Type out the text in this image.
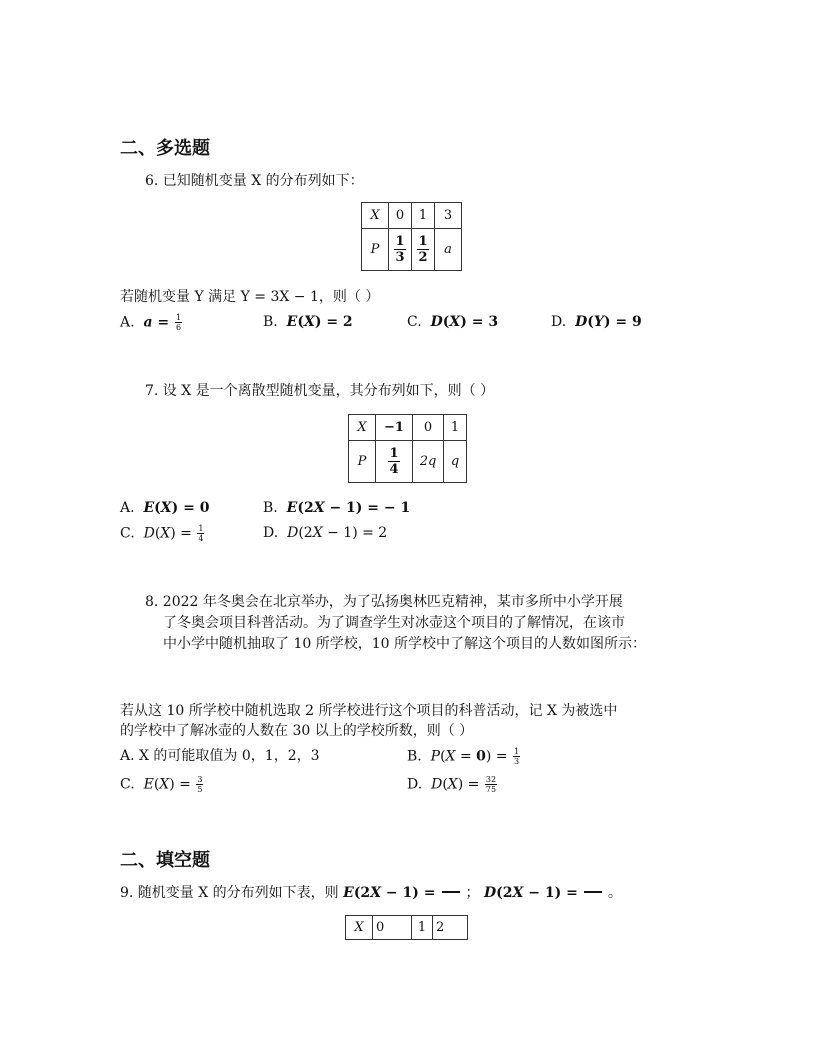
二、多选题
6. 已知随机变量 X 的分布列如下：
X	0	1	3
P	$\frac{1}{3}$	$\frac{1}{2}$	a
若随机变量 Y 满足 Y = 3X − 1，则（ ）
A. $a = \frac{1}{6}$	B. E(X) = 2	C. D(X) = 3	D. D(Y) = 9
7. 设 X 是一个离散型随机变量，其分布列如下，则（ ）
X	−1	0	1
P	$\frac{1}{4}$	2q	q
A. E(X) = 0	B. E(2X − 1) = − 1
C. $D(X) = \frac{1}{4}$	D. D(2X − 1) = 2
8. 2022 年冬奥会在北京举办，为了弘扬奥林匹克精神，某市多所中小学开展
了冬奥会项目科普活动。为了调查学生对冰壶这个项目的了解情况，在该市
中小学中随机抽取了 10 所学校，10 所学校中了解这个项目的人数如图所示：
若从这 10 所学校中随机选取 2 所学校进行这个项目的科普活动，记 X 为被选中
的学校中了解冰壶的人数在 30 以上的学校所数，则（ ）
A. X 的可能取值为 0，1，2，3	B. $P(X = 0) = \frac{1}{3}$
C. $E(X) = \frac{3}{5}$	D. $D(X) = \frac{32}{75}$
二、填空题
9. 随机变量 X 的分布列如下表，则 E(2X − 1) = ； D(2X − 1) = 。
X	0	1	2
